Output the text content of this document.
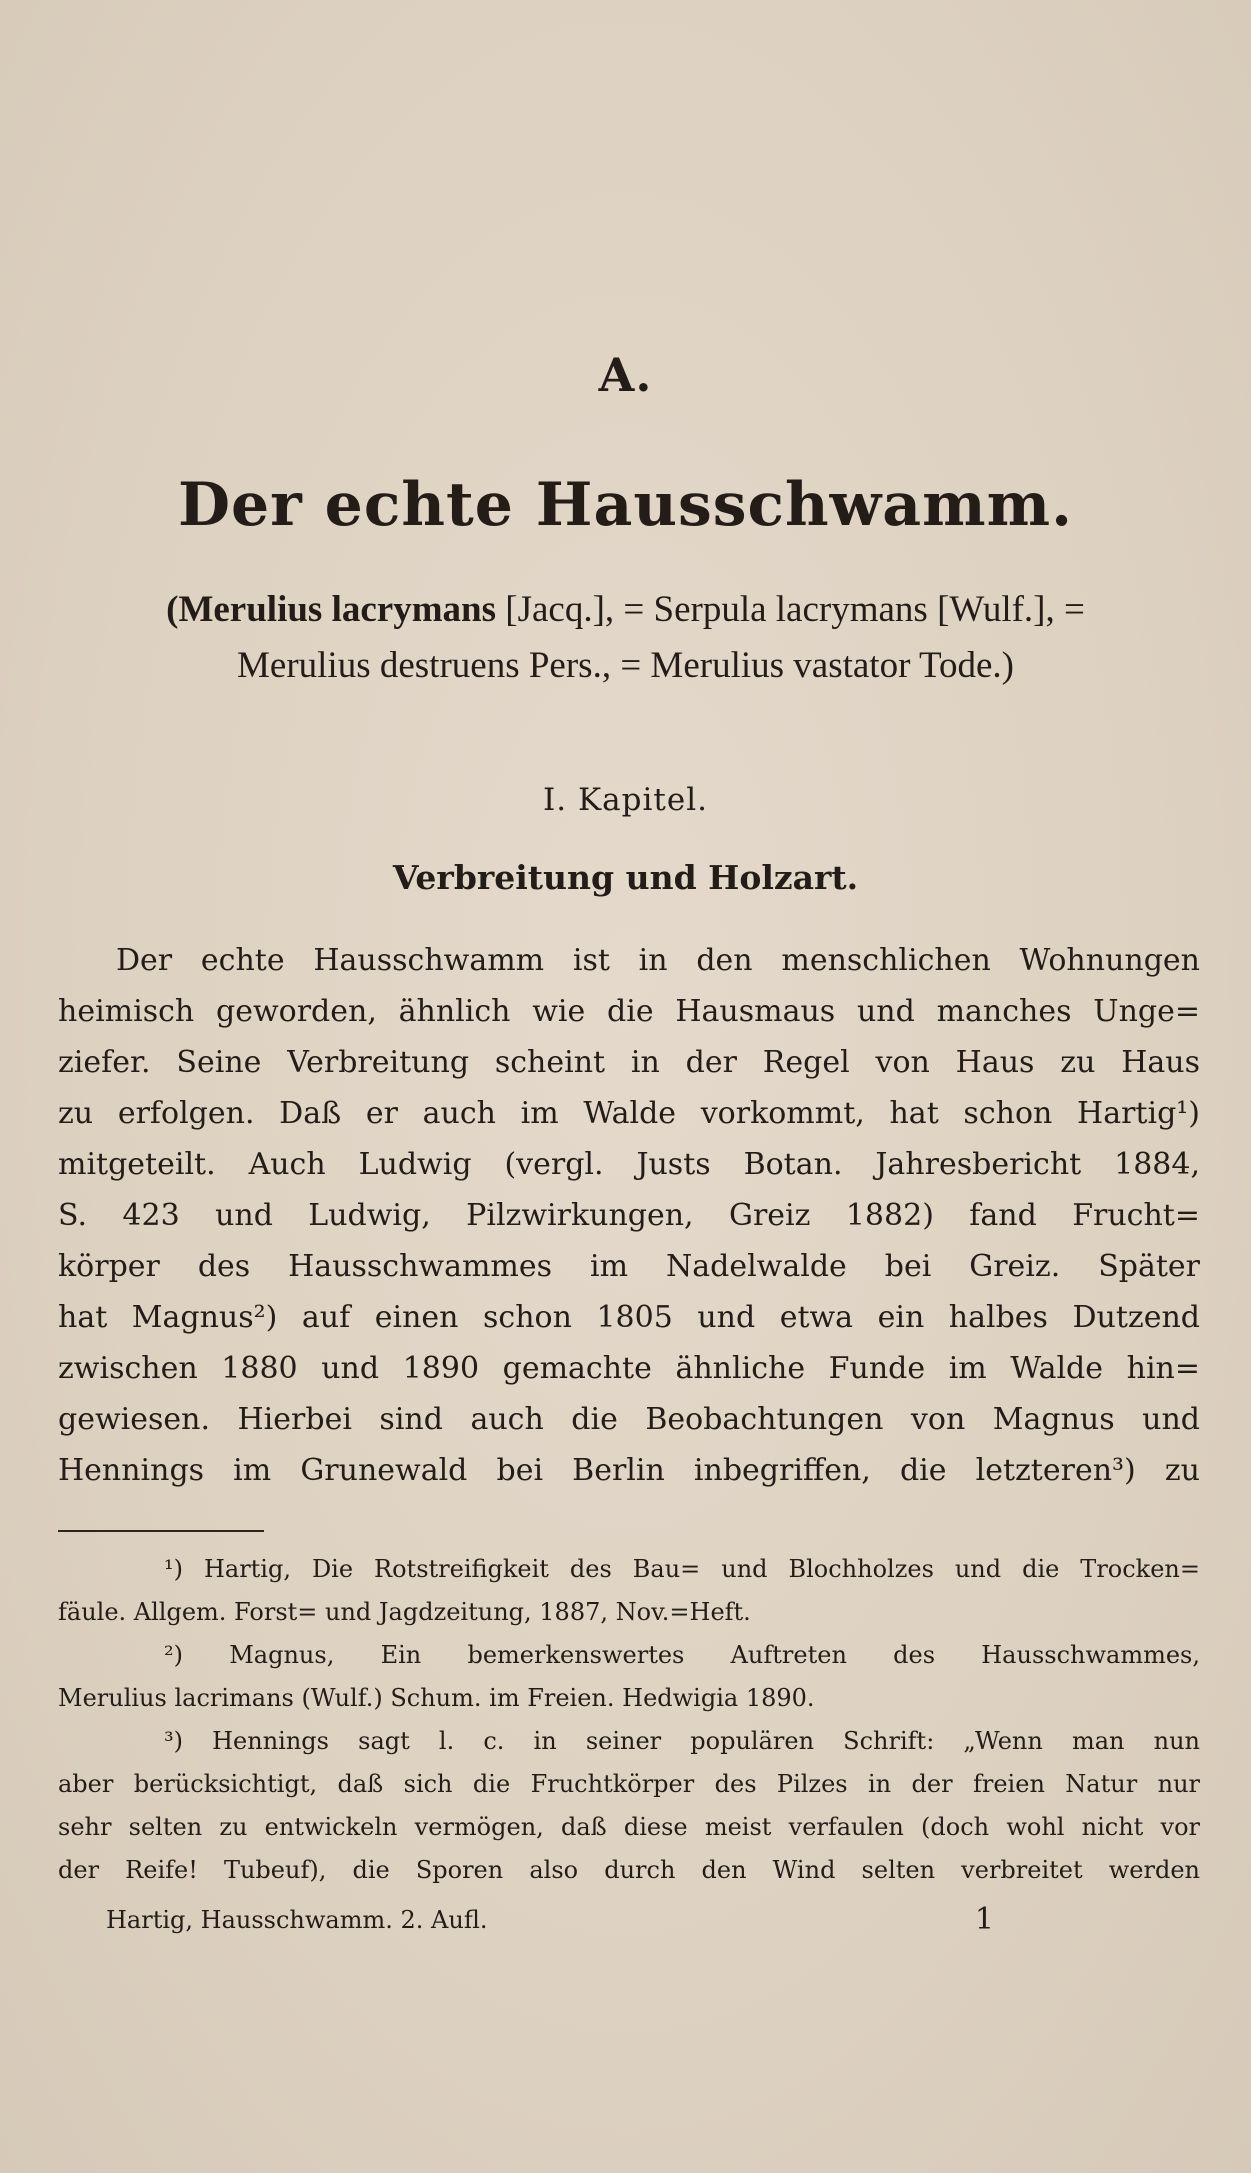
A.
Der echte Hausschwamm.
(Merulius lacrymans [Jacq.], = Serpula lacrymans [Wulf.], =
Merulius destruens Pers., = Merulius vastator Tode.)
I. Kapitel.
Verbreitung und Holzart.
Der echte Hausschwamm ist in den menschlichen Wohnungen
heimisch geworden, ähnlich wie die Hausmaus und manches Unge=
ziefer. Seine Verbreitung scheint in der Regel von Haus zu Haus
zu erfolgen. Daß er auch im Walde vorkommt, hat schon Hartig¹)
mitgeteilt. Auch Ludwig (vergl. Justs Botan. Jahresbericht 1884,
S. 423 und Ludwig, Pilzwirkungen, Greiz 1882) fand Frucht=
körper des Hausschwammes im Nadelwalde bei Greiz. Später
hat Magnus²) auf einen schon 1805 und etwa ein halbes Dutzend
zwischen 1880 und 1890 gemachte ähnliche Funde im Walde hin=
gewiesen. Hierbei sind auch die Beobachtungen von Magnus und
Hennings im Grunewald bei Berlin inbegriffen, die letzteren³) zu
¹) Hartig, Die Rotstreifigkeit des Bau= und Blochholzes und die Trocken=
fäule. Allgem. Forst= und Jagdzeitung, 1887, Nov.=Heft.
²) Magnus, Ein bemerkenswertes Auftreten des Hausschwammes,
Merulius lacrimans (Wulf.) Schum. im Freien. Hedwigia 1890.
³) Hennings sagt l. c. in seiner populären Schrift: „Wenn man nun
aber berücksichtigt, daß sich die Fruchtkörper des Pilzes in der freien Natur nur
sehr selten zu entwickeln vermögen, daß diese meist verfaulen (doch wohl nicht vor
der Reife! Tubeuf), die Sporen also durch den Wind selten verbreitet werden
Hartig, Hausschwamm. 2. Aufl.	1
